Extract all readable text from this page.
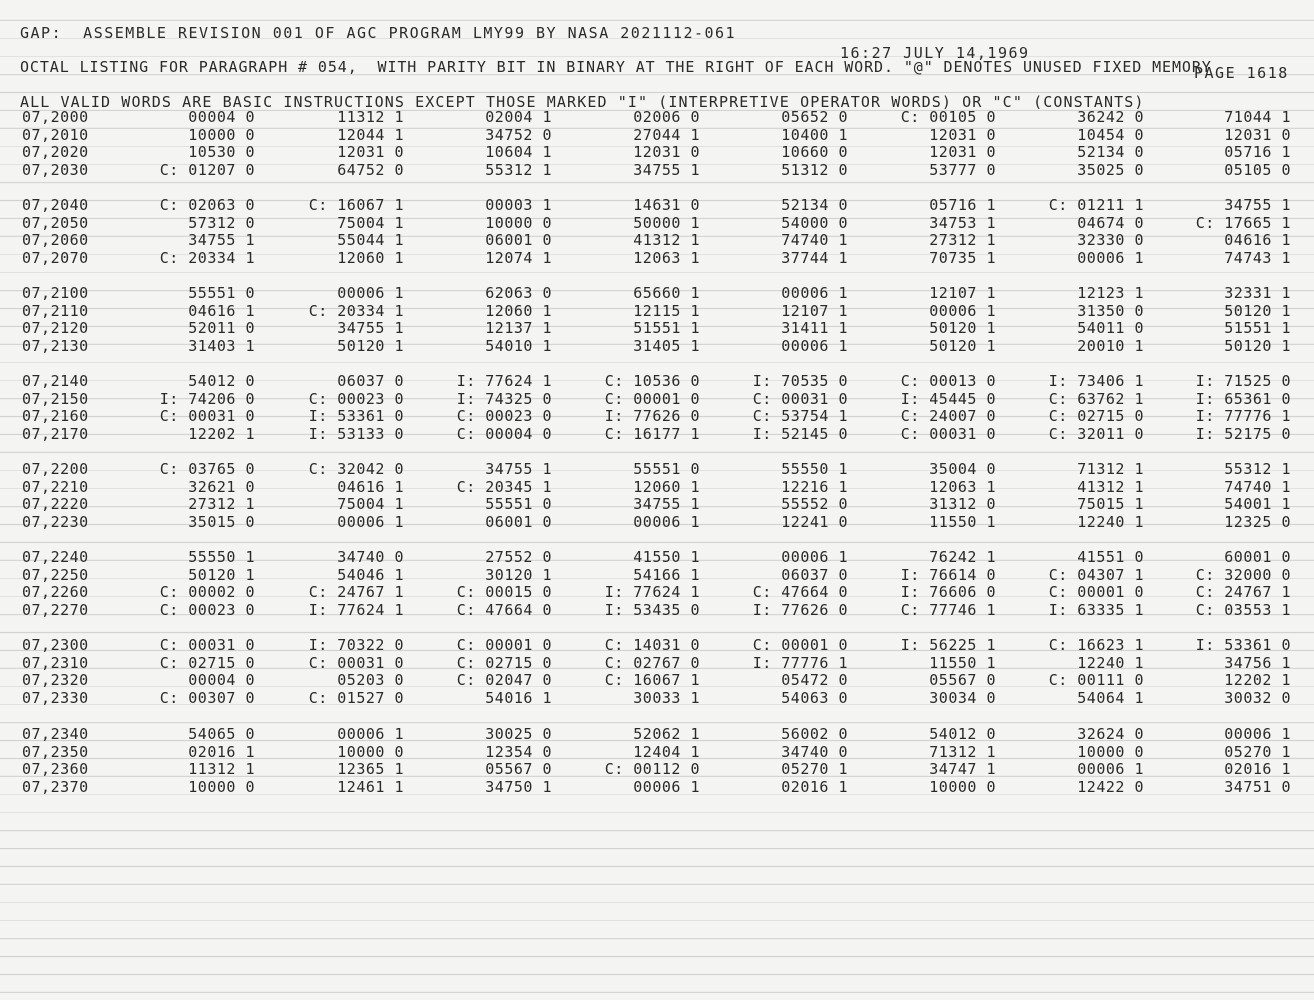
GAP:  ASSEMBLE REVISION 001 OF AGC PROGRAM LMY99 BY NASA 2021112-061

16:27 JULY 14,1969

PAGE 1618

OCTAL LISTING FOR PARAGRAPH # 054,  WITH PARITY BIT IN BINARY AT THE RIGHT OF EACH WORD. "@" DENOTES UNUSED FIXED MEMORY

ALL VALID WORDS ARE BASIC INSTRUCTIONS EXCEPT THOSE MARKED "I" (INTERPRETIVE OPERATOR WORDS) OR "C" (CONSTANTS)

07,2000	00004 0	11312 1	02004 1	02006 0	05652 0	C: 00105 0	36242 0	71044 1
07,2010	10000 0	12044 1	34752 0	27044 1	10400 1	12031 0	10454 0	12031 0
07,2020	10530 0	12031 0	10604 1	12031 0	10660 0	12031 0	52134 0	05716 1
07,2030	C: 01207 0	64752 0	55312 1	34755 1	51312 0	53777 0	35025 0	05105 0
07,2040	C: 02063 0	C: 16067 1	00003 1	14631 0	52134 0	05716 1	C: 01211 1	34755 1
07,2050	57312 0	75004 1	10000 0	50000 1	54000 0	34753 1	04674 0	C: 17665 1
07,2060	34755 1	55044 1	06001 0	41312 1	74740 1	27312 1	32330 0	04616 1
07,2070	C: 20334 1	12060 1	12074 1	12063 1	37744 1	70735 1	00006 1	74743 1
07,2100	55551 0	00006 1	62063 0	65660 1	00006 1	12107 1	12123 1	32331 1
07,2110	04616 1	C: 20334 1	12060 1	12115 1	12107 1	00006 1	31350 0	50120 1
07,2120	52011 0	34755 1	12137 1	51551 1	31411 1	50120 1	54011 0	51551 1
07,2130	31403 1	50120 1	54010 1	31405 1	00006 1	50120 1	20010 1	50120 1
07,2140	54012 0	06037 0	I: 77624 1	C: 10536 0	I: 70535 0	C: 00013 0	I: 73406 1	I: 71525 0
07,2150	I: 74206 0	C: 00023 0	I: 74325 0	C: 00001 0	C: 00031 0	I: 45445 0	C: 63762 1	I: 65361 0
07,2160	C: 00031 0	I: 53361 0	C: 00023 0	I: 77626 0	C: 53754 1	C: 24007 0	C: 02715 0	I: 77776 1
07,2170	12202 1	I: 53133 0	C: 00004 0	C: 16177 1	I: 52145 0	C: 00031 0	C: 32011 0	I: 52175 0
07,2200	C: 03765 0	C: 32042 0	34755 1	55551 0	55550 1	35004 0	71312 1	55312 1
07,2210	32621 0	04616 1	C: 20345 1	12060 1	12216 1	12063 1	41312 1	74740 1
07,2220	27312 1	75004 1	55551 0	34755 1	55552 0	31312 0	75015 1	54001 1
07,2230	35015 0	00006 1	06001 0	00006 1	12241 0	11550 1	12240 1	12325 0
07,2240	55550 1	34740 0	27552 0	41550 1	00006 1	76242 1	41551 0	60001 0
07,2250	50120 1	54046 1	30120 1	54166 1	06037 0	I: 76614 0	C: 04307 1	C: 32000 0
07,2260	C: 00002 0	C: 24767 1	C: 00015 0	I: 77624 1	C: 47664 0	I: 76606 0	C: 00001 0	C: 24767 1
07,2270	C: 00023 0	I: 77624 1	C: 47664 0	I: 53435 0	I: 77626 0	C: 77746 1	I: 63335 1	C: 03553 1
07,2300	C: 00031 0	I: 70322 0	C: 00001 0	C: 14031 0	C: 00001 0	I: 56225 1	C: 16623 1	I: 53361 0
07,2310	C: 02715 0	C: 00031 0	C: 02715 0	C: 02767 0	I: 77776 1	11550 1	12240 1	34756 1
07,2320	00004 0	05203 0	C: 02047 0	C: 16067 1	05472 0	05567 0	C: 00111 0	12202 1
07,2330	C: 00307 0	C: 01527 0	54016 1	30033 1	54063 0	30034 0	54064 1	30032 0
07,2340	54065 0	00006 1	30025 0	52062 1	56002 0	54012 0	32624 0	00006 1
07,2350	02016 1	10000 0	12354 0	12404 1	34740 0	71312 1	10000 0	05270 1
07,2360	11312 1	12365 1	05567 0	C: 00112 0	05270 1	34747 1	00006 1	02016 1
07,2370	10000 0	12461 1	34750 1	00006 1	02016 1	10000 0	12422 0	34751 0
